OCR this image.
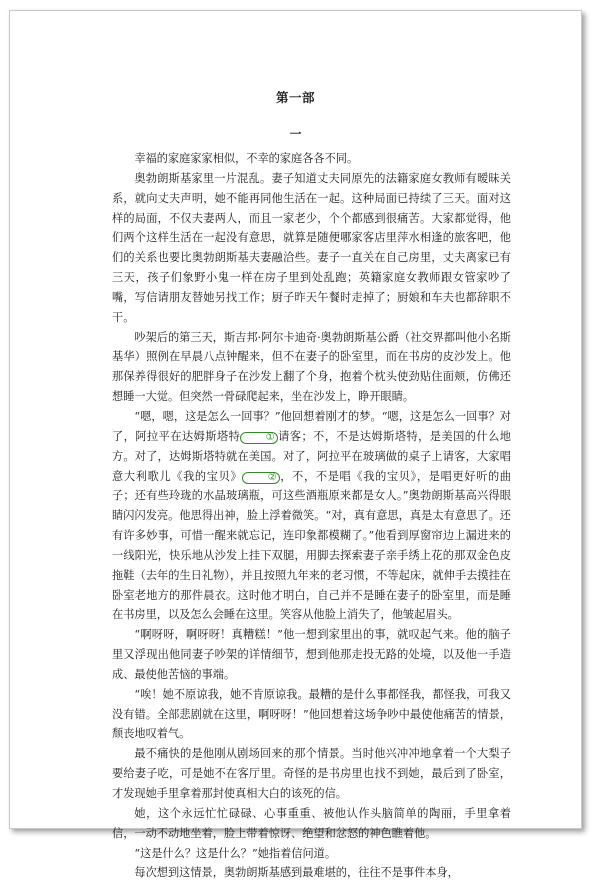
第一部
一

幸福的家庭家家相似，不幸的家庭各各不同。

奥勃朗斯基家里一片混乱。妻子知道丈夫同原先的法籍家庭女教师有暧昧关系，就向丈夫声明，她不能再同他生活在一起。这种局面已持续了三天。面对这样的局面，不仅夫妻两人，而且一家老少，个个都感到很痛苦。大家都觉得，他们两个这样生活在一起没有意思，就算是随便哪家客店里萍水相逢的旅客吧，他们的关系也要比奥勃朗斯基夫妻融洽些。妻子一直关在自己房里，丈夫离家已有三天，孩子们象野小鬼一样在房子里到处乱跑；英籍家庭女教师跟女管家吵了嘴，写信请朋友替她另找工作；厨子昨天午餐时走掉了；厨娘和车夫也都辞职不干。

吵架后的第三天，斯吉邦·阿尔卡迪奇·奥勃朗斯基公爵（社交界都叫他小名斯基华）照例在早晨八点钟醒来，但不在妻子的卧室里，而在书房的皮沙发上。他那保养得很好的肥胖身子在沙发上翻了个身，抱着个枕头使劲贴住面颊，仿佛还想睡一大觉。但突然一骨碌爬起来，坐在沙发上，睁开眼睛。

“嗯，嗯，这是怎么一回事？”他回想着刚才的梦。“嗯，这是怎么一回事？对了，阿拉平在达姆斯塔特	① 请客；不，不是达姆斯塔特，是美国的什么地方。对了，达姆斯塔特就在美国。对了，阿拉平在玻璃做的桌子上请客，大家唱意大利歌儿《我的宝贝》	② ，不，不是唱《我的宝贝》，是唱更好听的曲子；还有些玲珑的水晶玻璃瓶，可这些酒瓶原来都是女人。”奥勃朗斯基高兴得眼睛闪闪发亮。他思得出神，脸上浮着微笑。“对，真有意思，真是太有意思了。还有许多妙事，可惜一醒来就忘记，连印象都模糊了。”他看到厚窗帘边上漏进来的一线阳光，快乐地从沙发上挂下双腿，用脚去探索妻子亲手绣上花的那双金色皮拖鞋（去年的生日礼物），并且按照九年来的老习惯，不等起床，就伸手去摸挂在卧室老地方的那件晨衣。这时他才明白，自己并不是睡在妻子的卧室里，而是睡在书房里，以及怎么会睡在这里。笑容从他脸上消失了，他皱起眉头。

“啊呀呀，啊呀呀！真糟糕！”他一想到家里出的事，就叹起气来。他的脑子里又浮现出他同妻子吵架的详情细节，想到他那走投无路的处境，以及他一手造成、最使他苦恼的事端。

“唉！她不原谅我，她不肯原谅我。最糟的是什么事都怪我，都怪我，可我又没有错。全部悲剧就在这里，啊呀呀！”他回想着这场争吵中最使他痛苦的情景，颓丧地叹着气。

最不痛快的是他刚从剧场回来的那个情景。当时他兴冲冲地拿着一个大梨子要给妻子吃，可是她不在客厅里。奇怪的是书房里也找不到她，最后到了卧室，才发现她手里拿着那封使真相大白的该死的信。

她，这个永远忙忙碌碌、心事重重、被他认作头脑简单的陶丽，手里拿着信，一动不动地坐着，脸上带着惊讶、绝望和忿怒的神色瞧着他。

“这是什么？这是什么？”她指着信问道。

每次想到这情景，奥勃朗斯基感到最难堪的，往往不是事件本身，
